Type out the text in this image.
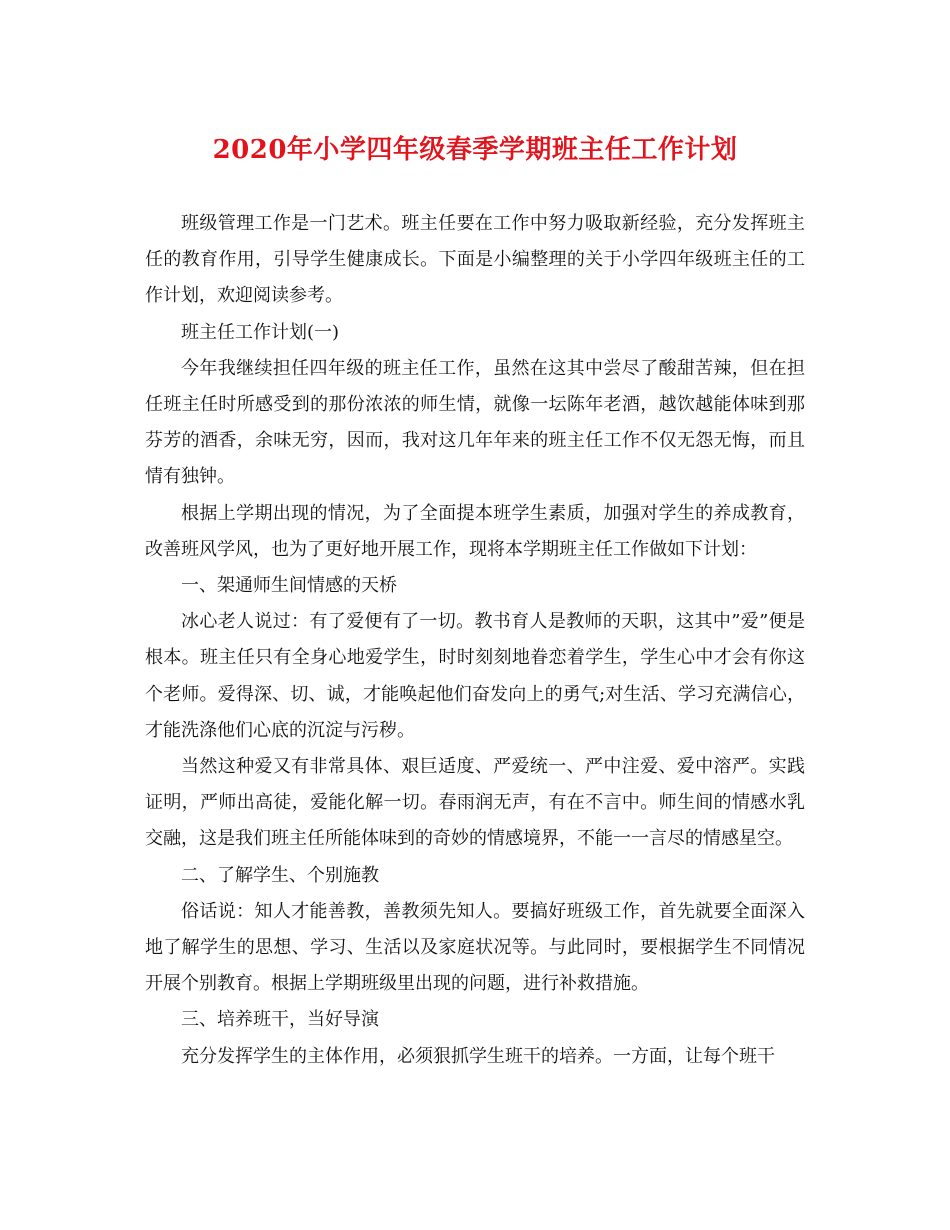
2020年小学四年级春季学期班主任工作计划

班级管理工作是一门艺术。班主任要在工作中努力吸取新经验，充分发挥班主任的教育作用，引导学生健康成长。下面是小编整理的关于小学四年级班主任的工作计划，欢迎阅读参考。

班主任工作计划(一)

今年我继续担任四年级的班主任工作，虽然在这其中尝尽了酸甜苦辣，但在担任班主任时所感受到的那份浓浓的师生情，就像一坛陈年老酒，越饮越能体味到那芬芳的酒香，余味无穷，因而，我对这几年年来的班主任工作不仅无怨无悔，而且情有独钟。

根据上学期出现的情况，为了全面提本班学生素质，加强对学生的养成教育，改善班风学风，也为了更好地开展工作，现将本学期班主任工作做如下计划：

一、架通师生间情感的天桥

冰心老人说过：有了爱便有了一切。教书育人是教师的天职，这其中”爱”便是根本。班主任只有全身心地爱学生，时时刻刻地眷恋着学生，学生心中才会有你这个老师。爱得深、切、诚，才能唤起他们奋发向上的勇气;对生活、学习充满信心，才能洗涤他们心底的沉淀与污秽。

当然这种爱又有非常具体、艰巨适度、严爱统一、严中注爱、爱中溶严。实践证明，严师出高徒，爱能化解一切。春雨润无声，有在不言中。师生间的情感水乳交融，这是我们班主任所能体味到的奇妙的情感境界，不能一一言尽的情感星空。

二、了解学生、个别施教

俗话说：知人才能善教，善教须先知人。要搞好班级工作，首先就要全面深入地了解学生的思想、学习、生活以及家庭状况等。与此同时，要根据学生不同情况开展个别教育。根据上学期班级里出现的问题，进行补救措施。

三、培养班干，当好导演

充分发挥学生的主体作用，必须狠抓学生班干的培养。一方面，让每个班干
